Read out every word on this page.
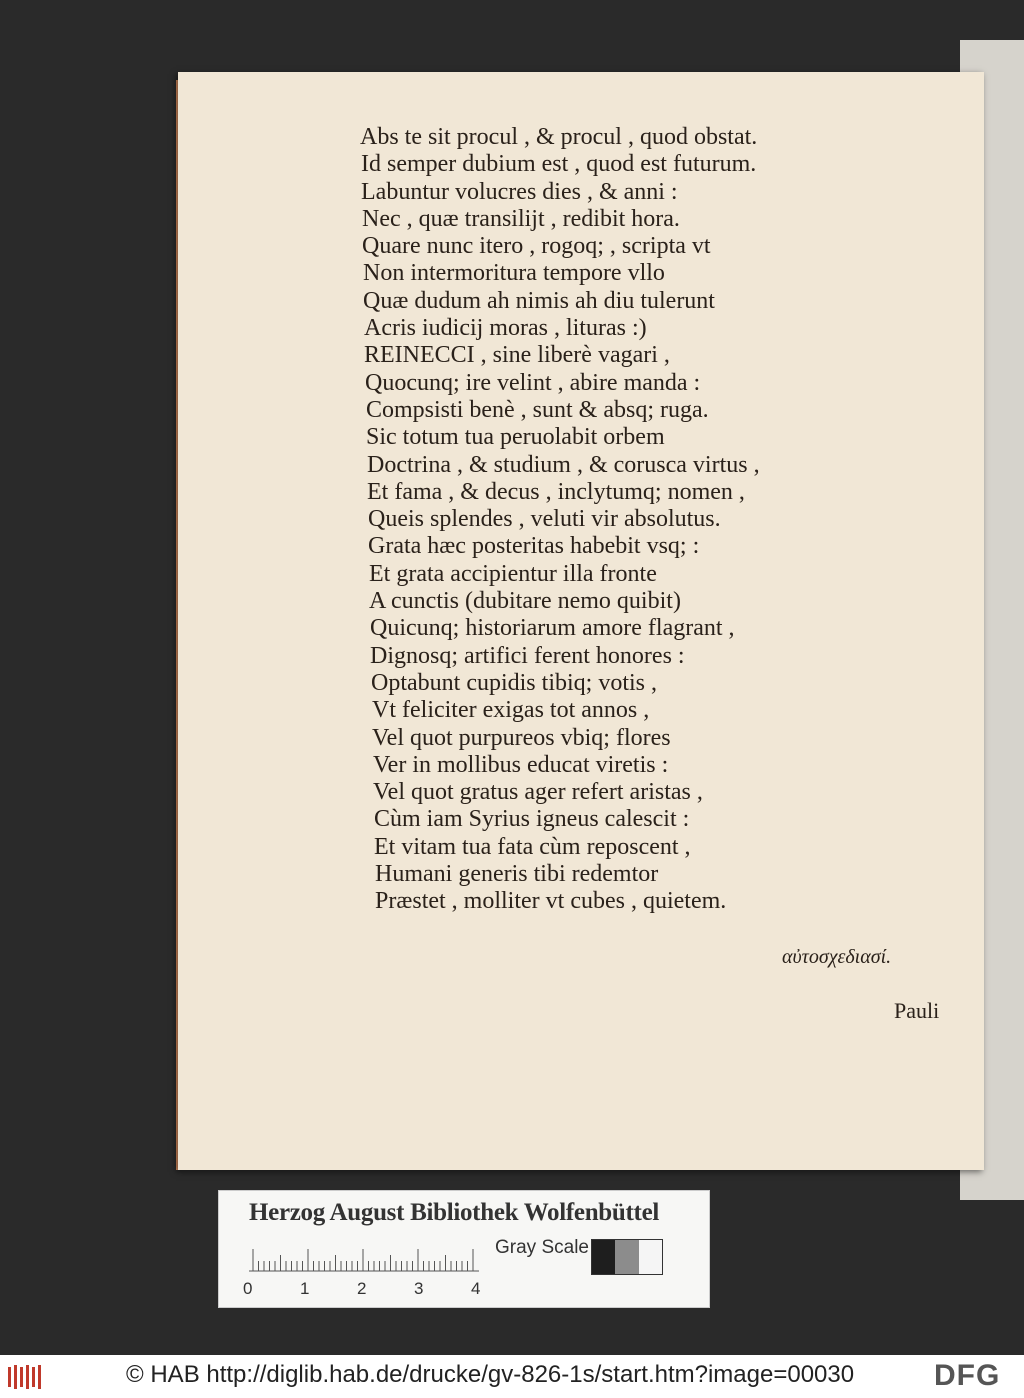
Abs te sit procul , & procul , quod obstat.
Id semper dubium est , quod est futurum.
Labuntur volucres dies , & anni :
Nec , quæ transilijt , redibit hora.
Quare nunc itero , rogoq; , scripta vt
Non intermoritura tempore vllo
Quæ dudum ah nimis ah diu tulerunt
Acris iudicij moras , lituras :)
REINECCI , sine liberè vagari ,
Quocunq; ire velint , abire manda :
Compsisti benè , sunt & absq; ruga.
Sic totum tua peruolabit orbem
Doctrina , & studium , & corusca virtus ,
Et fama , & decus , inclytumq; nomen ,
Queis splendes , veluti vir absolutus.
Grata hæc posteritas habebit vsq; :
Et grata accipientur illa fronte
A cunctis (dubitare nemo quibit)
Quicunq; historiarum amore flagrant ,
Dignosq; artifici ferent honores :
Optabunt cupidis tibiq; votis ,
Vt feliciter exigas tot annos ,
Vel quot purpureos vbiq; flores
Ver in mollibus educat viretis :
Vel quot gratus ager refert aristas ,
Cùm iam Syrius igneus calescit :
Et vitam tua fata cùm reposcent ,
Humani generis tibi redemtor
Præstet , molliter vt cubes , quietem.
αὐτοσχεδιασί.
Pauli
Herzog August Bibliothek Wolfenbüttel
0	1	2	3	4
Gray Scale
© HAB http://diglib.hab.de/drucke/gv-826-1s/start.htm?image=00030	DFG
